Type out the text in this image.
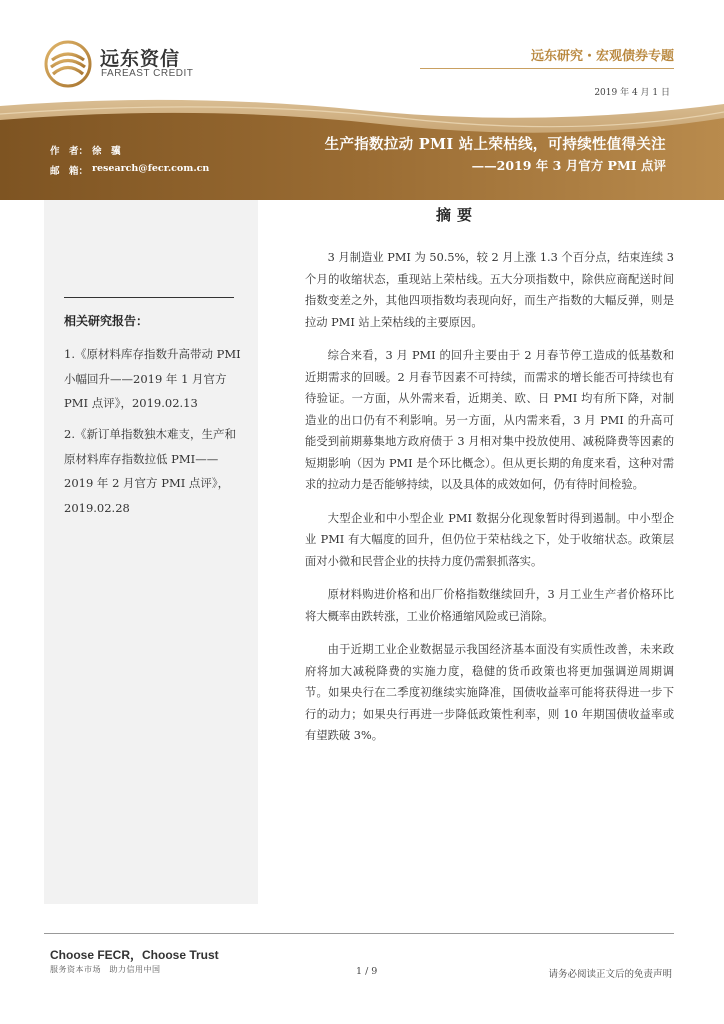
远东资信
FAREAST CREDIT
远东研究・宏观债券专题
2019 年 4 月 1 日
生产指数拉动 PMI 站上荣枯线，可持续性值得关注
——2019 年 3 月官方 PMI 点评
作　者： 徐　骥
邮　箱： research@fecr.com.cn
相关研究报告：
1.《原材料库存指数升高带动 PMI 小幅回升——2019 年 1 月官方 PMI 点评》，2019.02.13
2.《新订单指数独木难支，生产和原材料库存指数拉低 PMI——2019 年 2 月官方 PMI 点评》，2019.02.28
摘要

3 月制造业 PMI 为 50.5%，较 2 月上涨 1.3 个百分点，结束连续 3 个月的收缩状态，重现站上荣枯线。五大分项指数中，除供应商配送时间指数变差之外，其他四项指数均表现向好，而生产指数的大幅反弹，则是拉动 PMI 站上荣枯线的主要原因。

综合来看，3 月 PMI 的回升主要由于 2 月春节停工造成的低基数和近期需求的回暖。2 月春节因素不可持续，而需求的增长能否可持续也有待验证。一方面，从外需来看，近期美、欧、日 PMI 均有所下降，对制造业的出口仍有不利影响。另一方面，从内需来看，3 月 PMI 的升高可能受到前期募集地方政府债于 3 月相对集中投放使用、减税降费等因素的短期影响（因为 PMI 是个环比概念）。但从更长期的角度来看，这种对需求的拉动力是否能够持续，以及具体的成效如何，仍有待时间检验。

大型企业和中小型企业 PMI 数据分化现象暂时得到遏制。中小型企业 PMI 有大幅度的回升，但仍位于荣枯线之下，处于收缩状态。政策层面对小微和民营企业的扶持力度仍需狠抓落实。

原材料购进价格和出厂价格指数继续回升，3 月工业生产者价格环比将大概率由跌转涨，工业价格通缩风险或已消除。

由于近期工业企业数据显示我国经济基本面没有实质性改善，未来政府将加大减税降费的实施力度，稳健的货币政策也将更加强调逆周期调节。如果央行在二季度初继续实施降准，国债收益率可能将获得进一步下行的动力；如果央行再进一步降低政策性利率，则 10 年期国债收益率或有望跌破 3%。

Choose FECR，Choose Trust
服务资本市场　助力信用中国	1 / 9	请务必阅读正文后的免责声明
